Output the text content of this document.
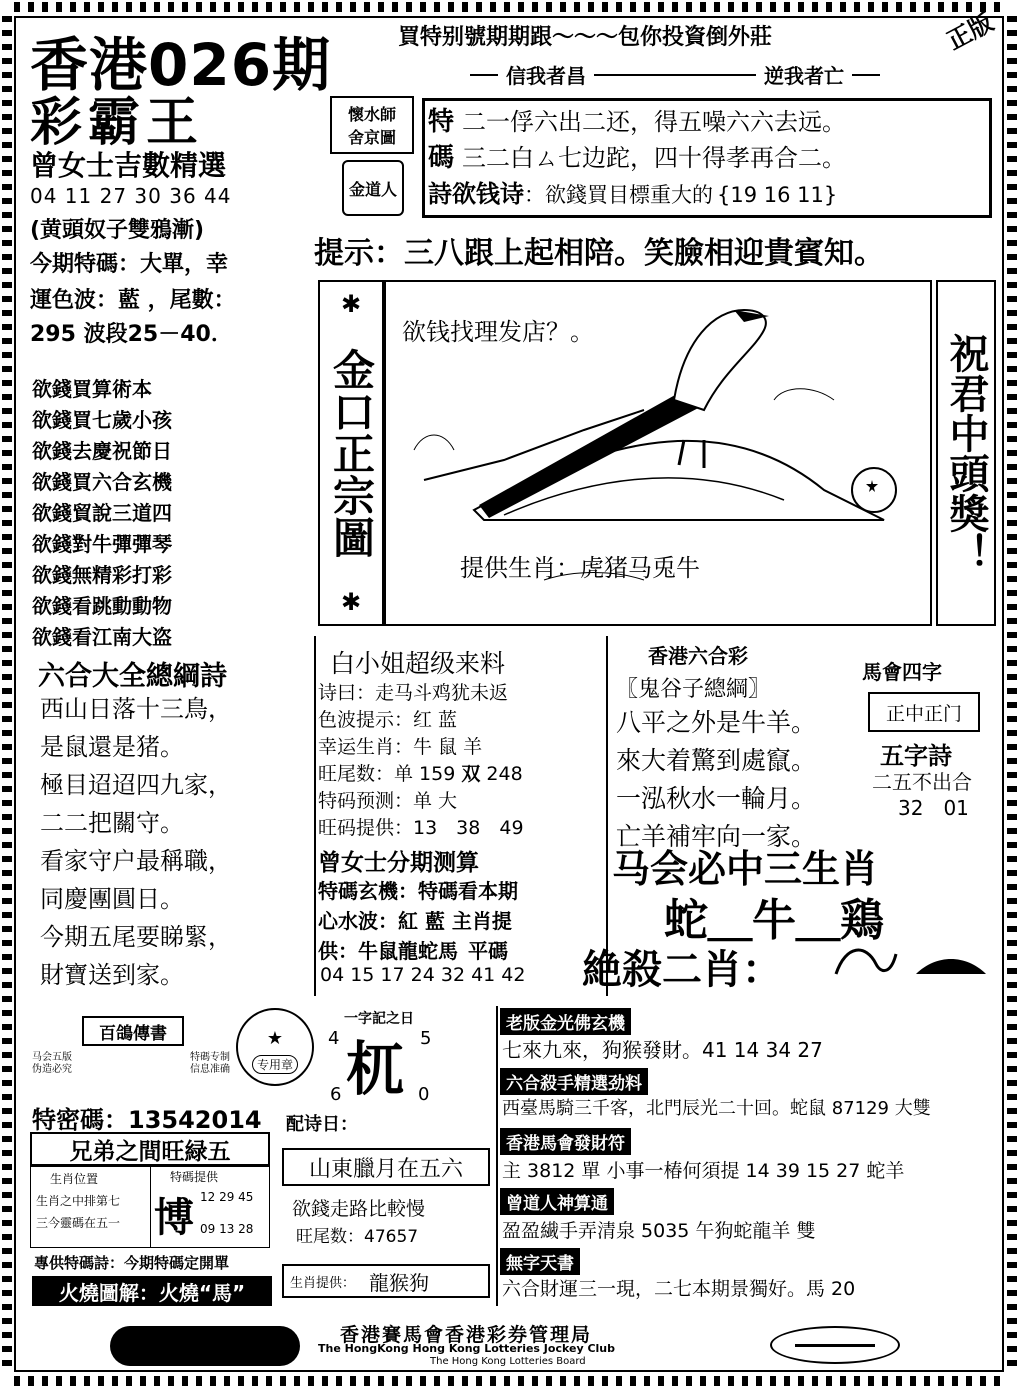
香港026期
彩霸王
買特别號期期跟～～～包你投資倒外莊	正版
信我者昌	逆我者亡
曾女士吉數精選
04 11 27 30 36 44
(黄頭奴子雙鴉漸)
今期特碼：大單，幸
運色波：藍 ，尾數：
295 波段25－40．
欲錢買算術本
欲錢買七歲小孩
欲錢去慶祝節日
欲錢買六合玄機
欲錢貿說三道四
欲錢對牛彈彈琴
欲錢無精彩打彩
欲錢看跳動動物
欲錢看江南大盗
懷水師
舍京圖
金道人
特 二一俘六出二还，得五噪六六去远。
碼 三二白ㄙ七边跎，四十得孝再合二。
詩欲钱诗：欲錢買目標重大的 {19 16 11}
提示：三八跟上起相陪。笑臉相迎貴賓知。
✱
金口正宗圖
✱
欲钱找理发店？。
提供生肖：虎猪马兎牛	祝君中頭獎！
六合大全總綱詩
西山日落十三鳥，
是鼠還是猪。
極目迢迢四九家，
二二把關守。
看家守户最稱職，
同慶團圓日。
今期五尾要睇緊，
財寶送到家。
白小姐超级来料
诗曰：走马斗鸡犹未返
色波提示：红 蓝
幸运生肖：牛 鼠 羊
旺尾数：单 159 双 248
特码预测：单 大
旺码提供：13　38　49
曾女士分期测算
特碼玄機：特碼看本期
心水波：紅 藍 主肖提
供：牛鼠龍蛇馬 平碼
04 15 17 24 32 41 42
香港六合彩
〖鬼谷子總綱〗
八平之外是牛羊。
來大着驚到處竄。
一泓秋水一輪月。
亡羊補牢向一家。
馬會四字
正中正门
五字詩
二五不出合
32　01
马会必中三生肖
蛇＿牛＿鶏
絶殺二肖：
百鴿傳書
马会五版
伪造必究
特碼专制
信息准确
★
专用章
特密碼：13542014
兄弟之間旺緑五
生肖位置
生肖之中排第七
三今靈碼在五一
特碼提供
博 12 29 45
09 13 28
專供特碼詩：今期特碼定開單
火燒圖解：火燒“馬”
一字記之日
4	5
杌
6	0
配诗日：
山東臘月在五六
欲錢走路比較慢
旺尾数：47657
生肖提供： 龍猴狗
老版金光佛玄機
七來九來，狗猴發財。41 14 34 27
六合殺手精選劲料
西臺馬騎三千客，北門辰光二十回。蛇鼠 87129 大雙
香港馬會發財符
主 3812 單 小事一椿何須提 14 39 15 27 蛇羊
曾道人神算通
盈盈繊手弄清泉 5035 午狗蛇龍羊 雙
無字天書
六合財運三一現，二七本期景獨好。馬 20
香港賽馬會香港彩券管理局
The HongKong Hong Kong Lotteries Jockey Club
The Hong Kong Lotteries Board
